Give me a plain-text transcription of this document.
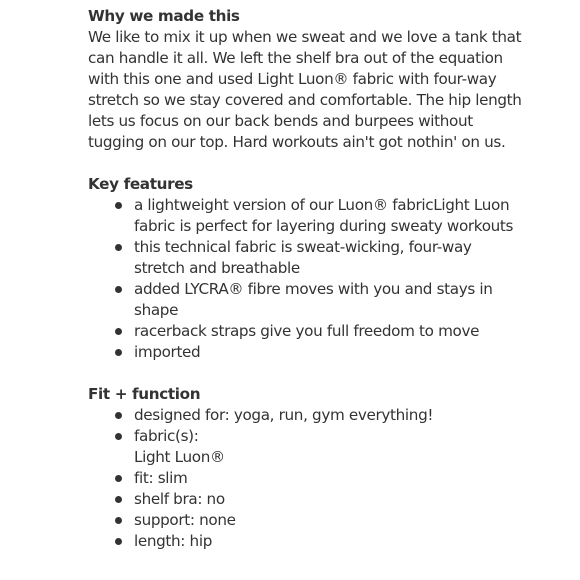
Why we made this
We like to mix it up when we sweat and we love a tank that
can handle it all. We left the shelf bra out of the equation
with this one and used Light Luon® fabric with four-way
stretch so we stay covered and comfortable. The hip length
lets us focus on our back bends and burpees without
tugging on our top. Hard workouts ain't got nothin' on us.
Key features
a lightweight version of our Luon® fabricLight Luon
fabric is perfect for layering during sweaty workouts
this technical fabric is sweat-wicking, four-way
stretch and breathable
added LYCRA® fibre moves with you and stays in
shape
racerback straps give you full freedom to move
imported
Fit + function
designed for: yoga, run, gym everything!
fabric(s):
Light Luon®
fit: slim
shelf bra: no
support: none
length: hip
